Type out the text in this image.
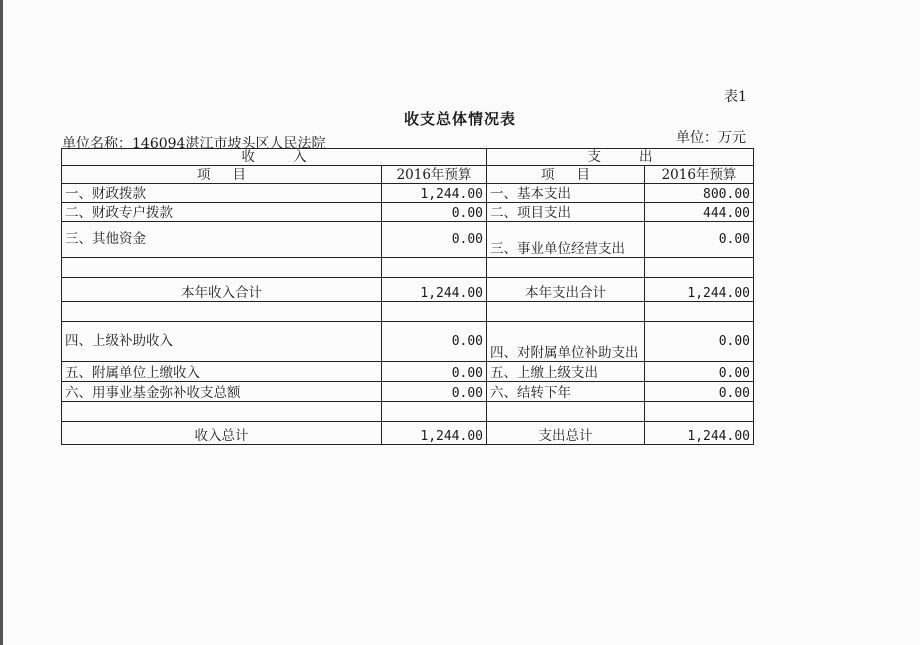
表1
收支总体情况表
单位名称：146094湛江市坡头区人民法院	单位：万元
收入		支出	
项目	2016年预算	项目	2016年预算
一、财政拨款	1,244.00	一、基本支出	800.00
二、财政专户拨款	0.00	二、项目支出	444.00
三、其他资金	0.00	三、事业单位经营支出	0.00

本年收入合计	1,244.00	本年支出合计	1,244.00

四、上级补助收入	0.00	四、对附属单位补助支出	0.00
五、附属单位上缴收入	0.00	五、上缴上级支出	0.00
六、用事业基金弥补收支总额	0.00	六、结转下年	0.00

收入总计	1,244.00	支出总计	1,244.00
